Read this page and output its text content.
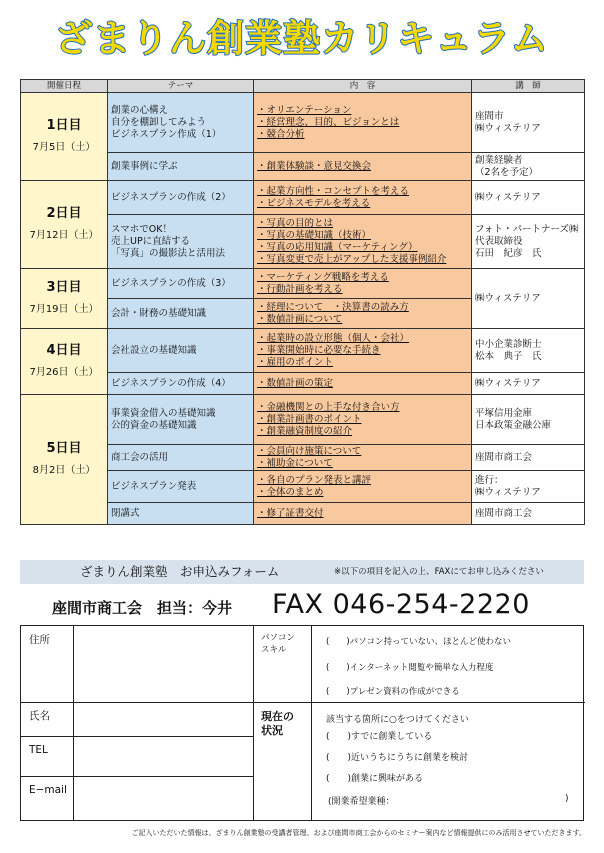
ざまりん創業塾カリキュラム
開催日程	テーマ	内　容	講　師

1日目
7月5日（土）	創業の心構え
自分を棚卸してみよう
ビジネスプラン作成（1）	・オリエンテーション
・経営理念、目的、ビジョンとは
・競合分析	座間市
㈱ウィステリア

	創業事例に学ぶ	・創業体験談・意見交換会	創業経験者
（2名を予定）

2日目
7月12日（土）	ビジネスプランの作成（2）	・起業方向性・コンセプトを考える
・ビジネスモデルを考える	㈱ウィステリア

	スマホでOK！
売上UPに直結する
「写真」の撮影法と活用法	・写真の目的とは
・写真の基礎知識（技術）
・写真の応用知識（マーケティング）
・写真変更で売上がアップした支援事例紹介	フォト・パートナーズ㈱
代表取締役
石田　紀彦　氏

3日目
7月19日（土）	ビジネスプランの作成（3）	・マーケティング戦略を考える
・行動計画を考える	㈱ウィステリア

	会計・財務の基礎知識	・経理について　・決算書の読み方
・数値計画について	

4日目
7月26日（土）	会社設立の基礎知識	・起業時の設立形態（個人・会社）
・事業開始時に必要な手続き
・雇用のポイント	中小企業診断士
松本　典子　氏

	ビジネスプランの作成（4）	・数値計画の策定	㈱ウィステリア

5日目
8月2日（土）	事業資金借入の基礎知識
公的資金の基礎知識	・金融機関との上手な付き合い方
・創業計画書のポイント
・創業融資制度の紹介	平塚信用金庫
日本政策金融公庫

	商工会の活用	・会員向け施策について
・補助金について	座間市商工会

	ビジネスプラン発表	・各自のプラン発表と講評
・全体のまとめ	進行：
㈱ウィステリア

	閉講式	・修了証書交付	座間市商工会
ざまりん創業塾　お申込みフォーム	※以下の項目を記入の上、FAXにてお申し込みください
座間市商工会　担当：今井 FAX 046-254-2220
住所	パソコン
スキル
(　　)パソコン持っていない、ほとんど使わない
(　　)インターネット閲覧や簡単な入力程度
(　　)プレゼン資料の作成ができる
氏名
TEL
E−mail
現在の
状況
該当する箇所に○をつけてください
(　　)すでに創業している
(　　)近いうちにうちに創業を検討
(　　)創業に興味がある
(開業希望業種：	)
ご記入いただいた情報は、ざまりん創業塾の受講者管理、および座間市商工会からのセミナー案内など情報提供にのみ活用させていただきます。
